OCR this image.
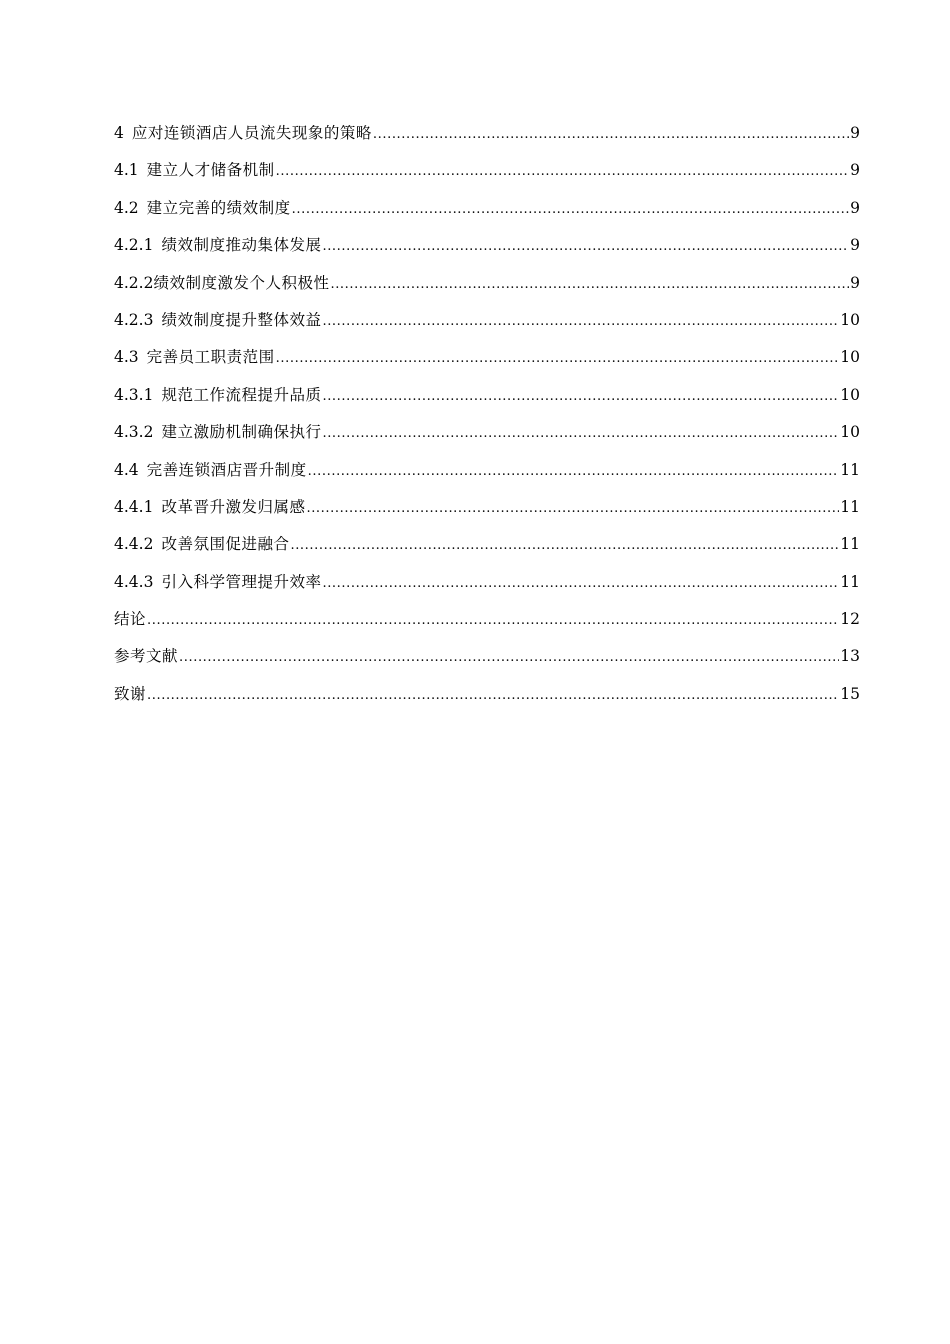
4 应对连锁酒店人员流失现象的策略 .....	9
4.1 建立人才储备机制 .....	9
4.2 建立完善的绩效制度 .....	9
4.2.1 绩效制度推动集体发展 .....	9
4.2.2 绩效制度激发个人积极性 .....	9
4.2.3 绩效制度提升整体效益 .....	10
4.3 完善员工职责范围 .....	10
4.3.1 规范工作流程提升品质 .....	10
4.3.2 建立激励机制确保执行 .....	10
4.4 完善连锁酒店晋升制度 .....	11
4.4.1 改革晋升激发归属感 .....	11
4.4.2 改善氛围促进融合 .....	11
4.4.3 引入科学管理提升效率 .....	11
结论 .....	12
参考文献 .....	13
致谢 .....	15
